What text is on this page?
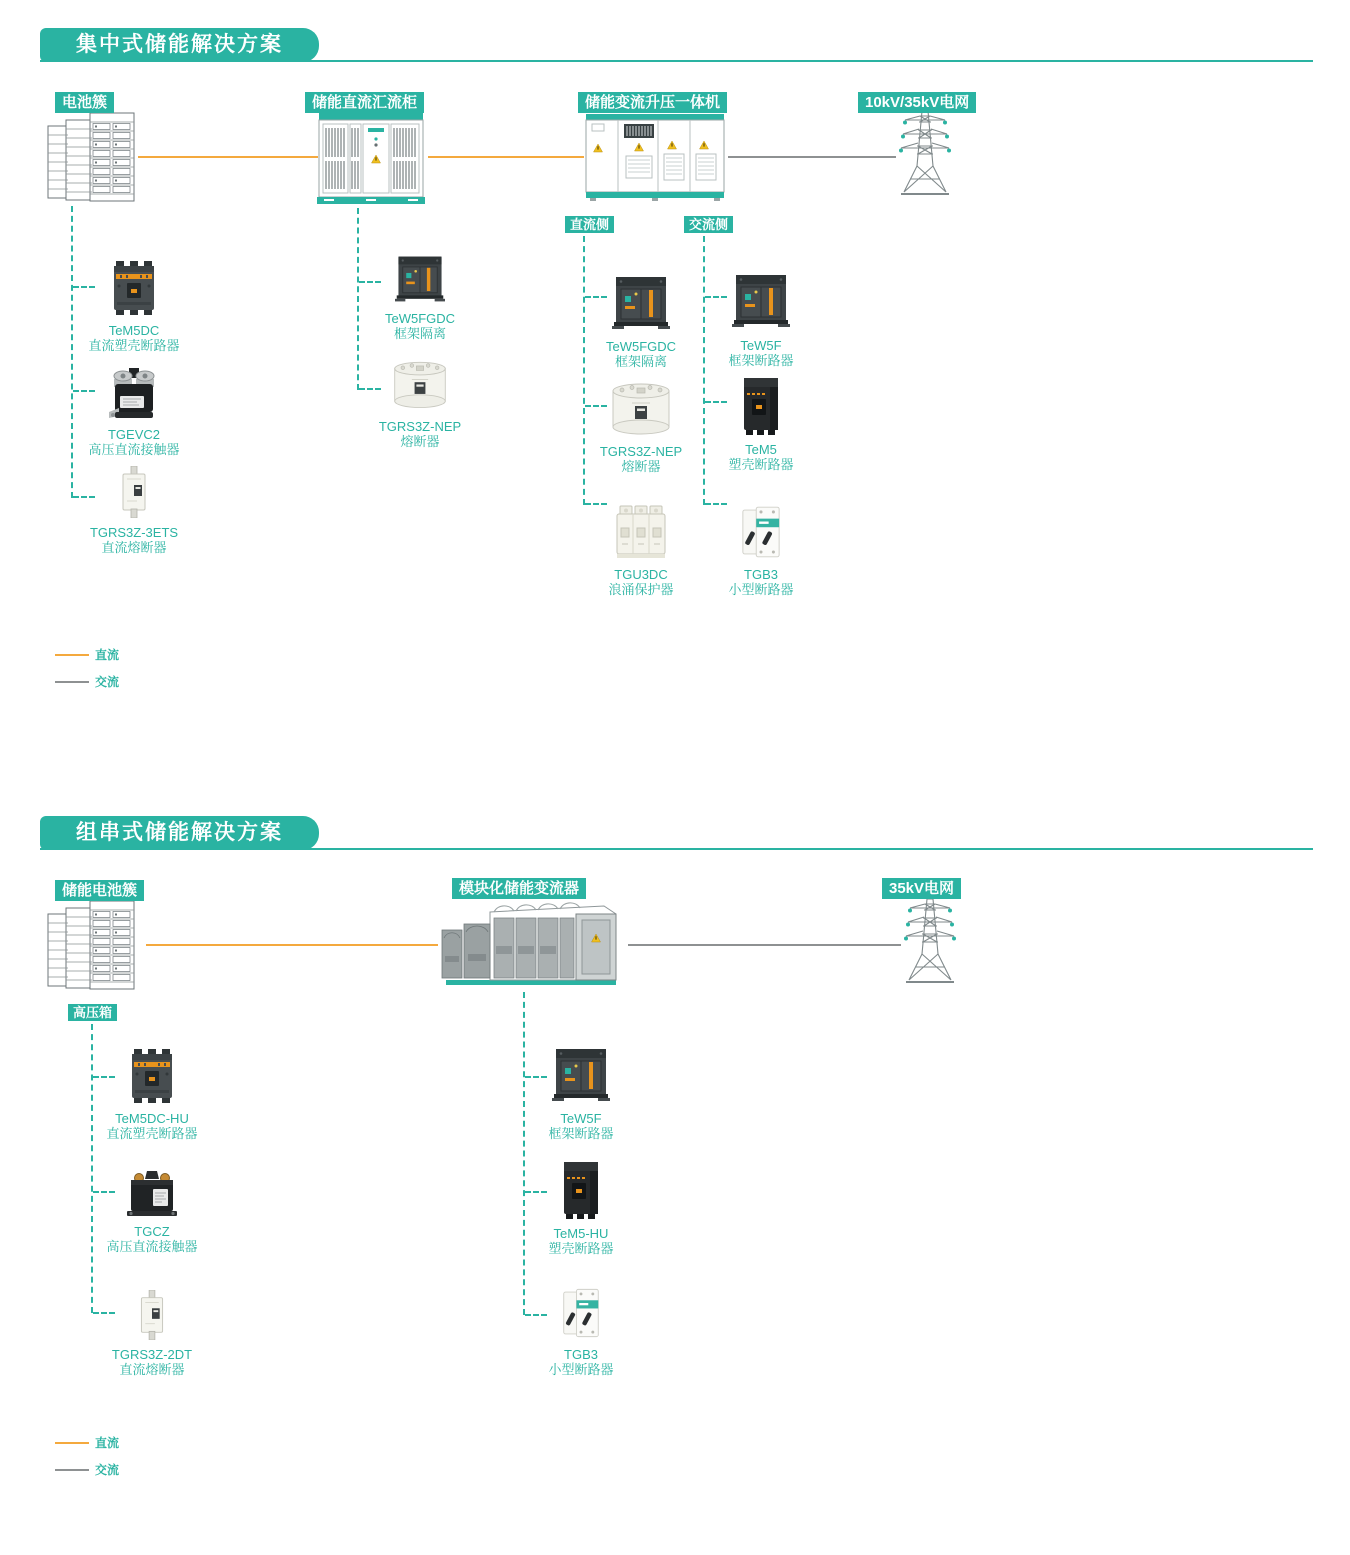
集中式储能解决方案
电池簇	储能直流汇流柜	储能变流升压一体机	10kV/35kV电网
直流侧	交流侧
TeM5DC
直流塑壳断路器
TGEVC2
高压直流接触器
TGRS3Z-3ETS
直流熔断器
TeW5FGDC
框架隔离
TGRS3Z-NEP
熔断器
TeW5FGDC
框架隔离
TGRS3Z-NEP
熔断器
TGU3DC
浪涌保护器
TeW5F
框架断路器
TeM5
塑壳断路器
TGB3
小型断路器
直流
交流
组串式储能解决方案
储能电池簇	模块化储能变流器	35kV电网
高压箱
TeM5DC-HU
直流塑壳断路器
TGCZ
高压直流接触器
TGRS3Z-2DT
直流熔断器
TeW5F
框架断路器
TeM5-HU
塑壳断路器
TGB3
小型断路器
直流
交流
